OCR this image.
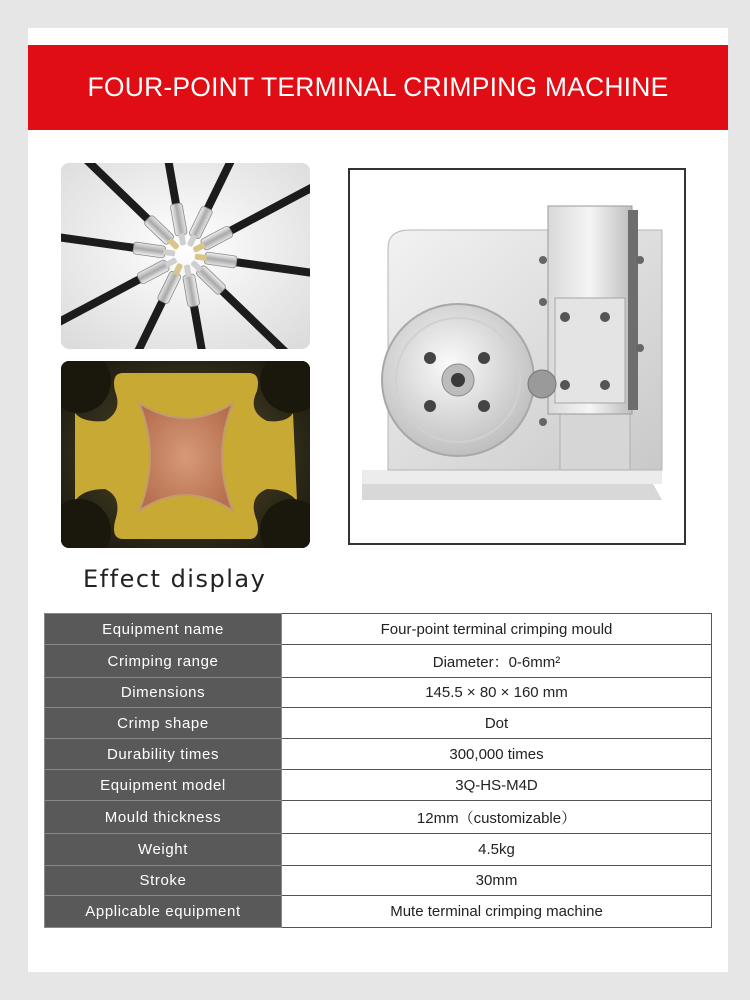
FOUR-POINT TERMINAL CRIMPING MACHINE
Effect display
Equipment name	Four-point terminal crimping mould
Crimping range	Diameter：0-6mm²
Dimensions	145.5 × 80 × 160 mm
Crimp shape	Dot
Durability times	300,000 times
Equipment model	3Q-HS-M4D
Mould thickness	12mm（customizable）
Weight	4.5kg
Stroke	30mm
Applicable equipment	Mute terminal crimping machine
